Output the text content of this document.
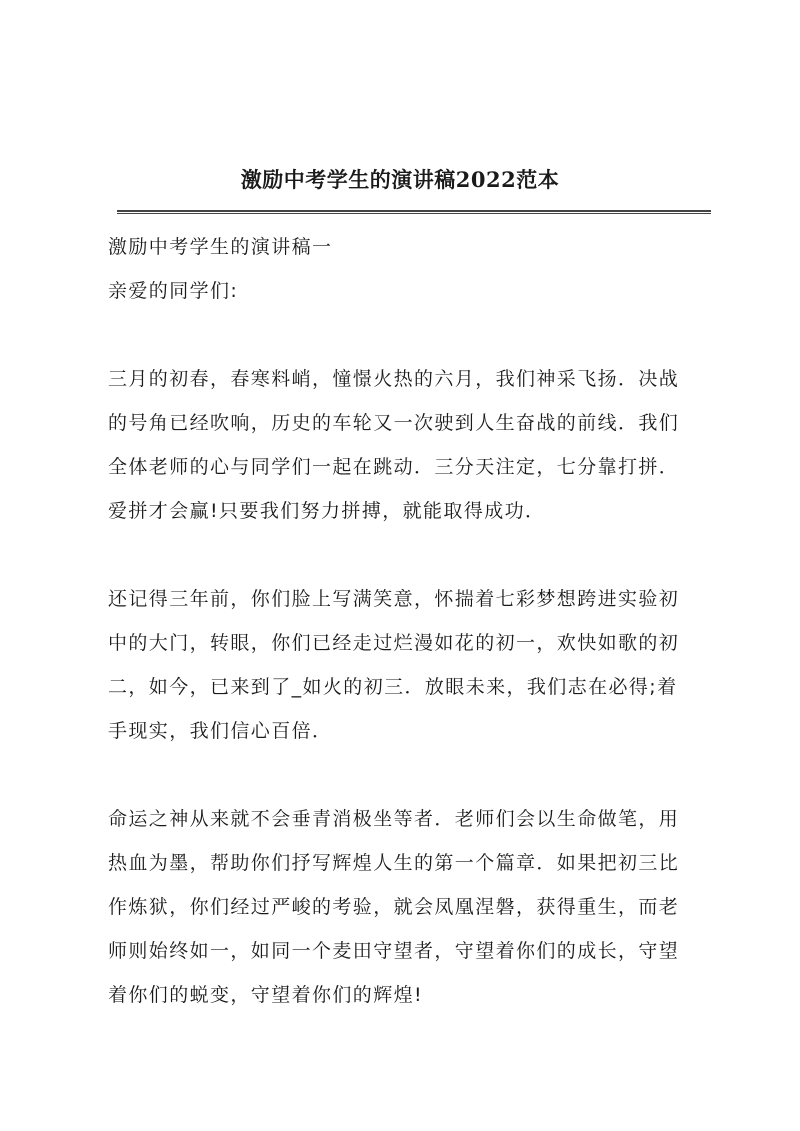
激励中考学生的演讲稿2022范本

激励中考学生的演讲稿一

亲爱的同学们:

三月的初春，春寒料峭，憧憬火热的六月，我们神采飞扬．决战

的号角已经吹响，历史的车轮又一次驶到人生奋战的前线．我们

全体老师的心与同学们一起在跳动．三分天注定，七分靠打拼．

爱拼才会赢!只要我们努力拼搏，就能取得成功．

还记得三年前，你们脸上写满笑意，怀揣着七彩梦想跨进实验初

中的大门，转眼，你们已经走过烂漫如花的初一，欢快如歌的初

二，如今，已来到了_如火的初三．放眼未来，我们志在必得;着

手现实，我们信心百倍．

命运之神从来就不会垂青消极坐等者．老师们会以生命做笔，用

热血为墨，帮助你们抒写辉煌人生的第一个篇章．如果把初三比

作炼狱，你们经过严峻的考验，就会凤凰涅磐，获得重生，而老

师则始终如一，如同一个麦田守望者，守望着你们的成长，守望

着你们的蜕变，守望着你们的辉煌!
